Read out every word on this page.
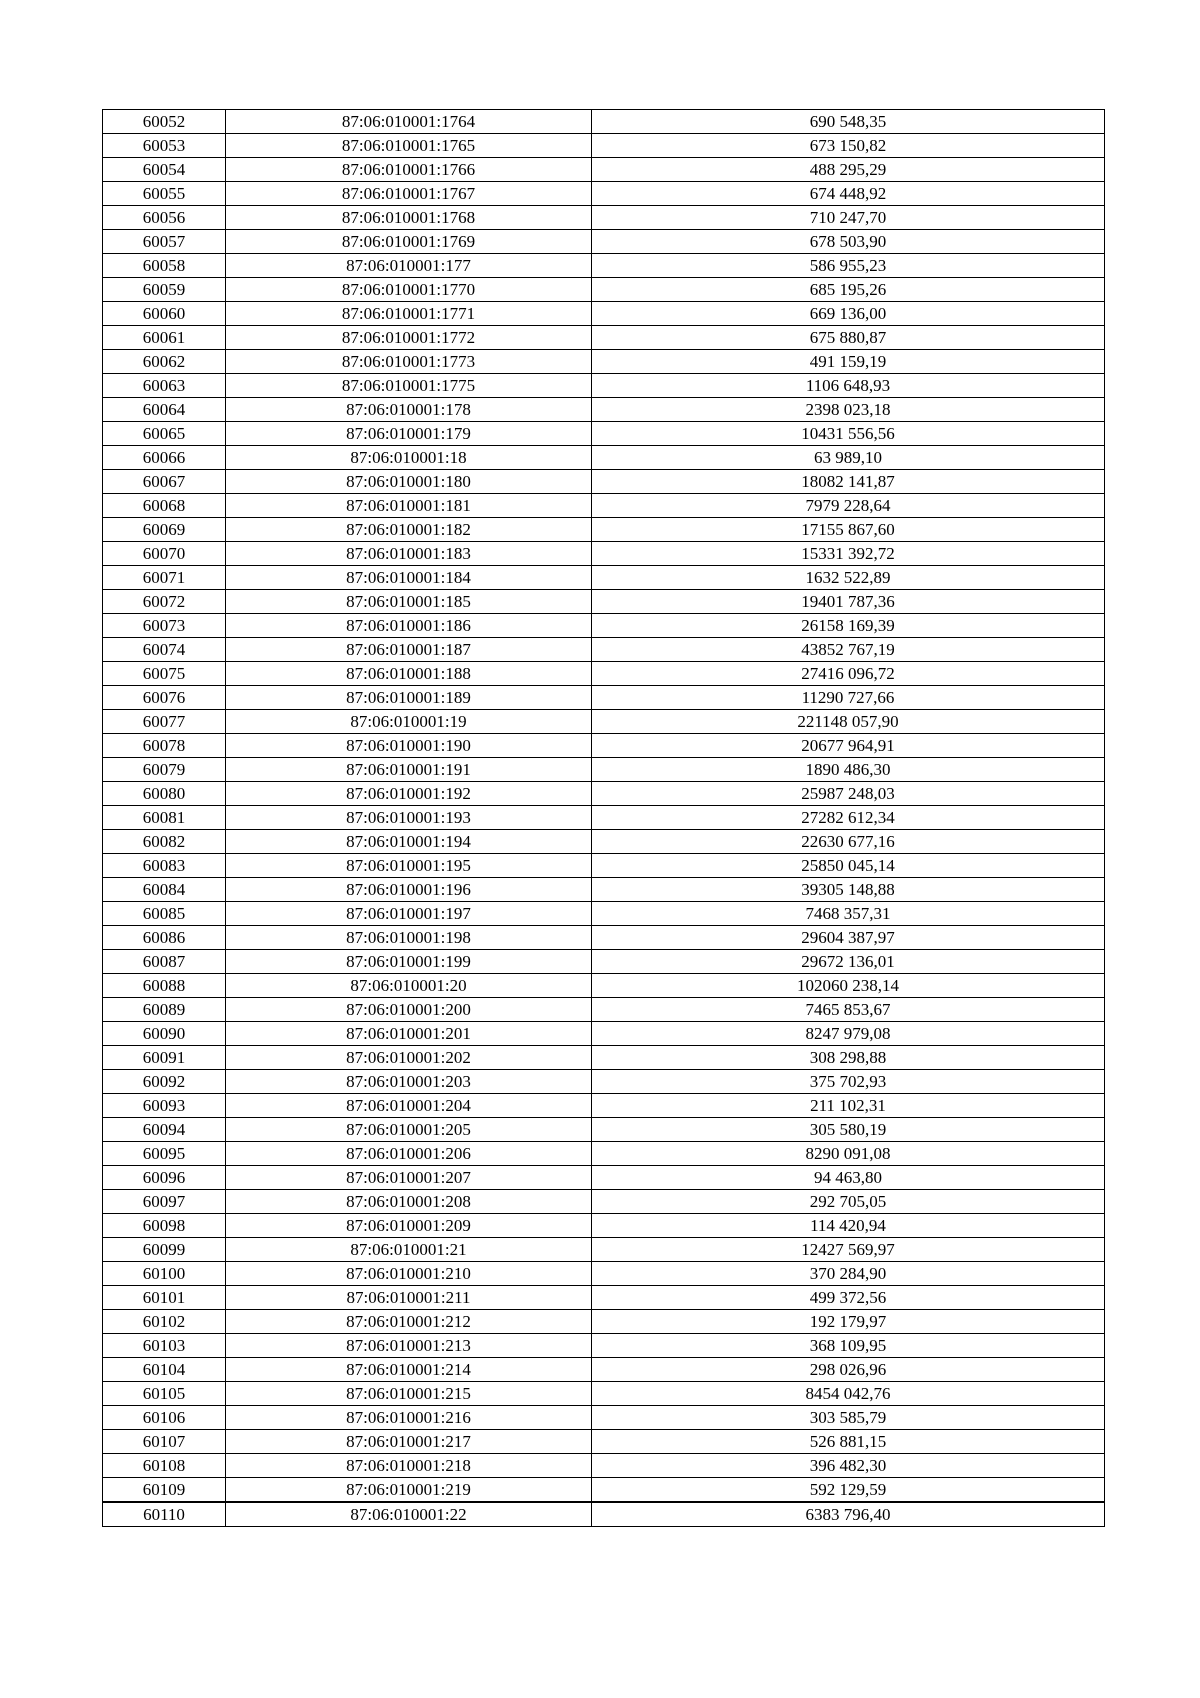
60052	87:06:010001:1764	690 548,35
60053	87:06:010001:1765	673 150,82
60054	87:06:010001:1766	488 295,29
60055	87:06:010001:1767	674 448,92
60056	87:06:010001:1768	710 247,70
60057	87:06:010001:1769	678 503,90
60058	87:06:010001:177	586 955,23
60059	87:06:010001:1770	685 195,26
60060	87:06:010001:1771	669 136,00
60061	87:06:010001:1772	675 880,87
60062	87:06:010001:1773	491 159,19
60063	87:06:010001:1775	1106 648,93
60064	87:06:010001:178	2398 023,18
60065	87:06:010001:179	10431 556,56
60066	87:06:010001:18	63 989,10
60067	87:06:010001:180	18082 141,87
60068	87:06:010001:181	7979 228,64
60069	87:06:010001:182	17155 867,60
60070	87:06:010001:183	15331 392,72
60071	87:06:010001:184	1632 522,89
60072	87:06:010001:185	19401 787,36
60073	87:06:010001:186	26158 169,39
60074	87:06:010001:187	43852 767,19
60075	87:06:010001:188	27416 096,72
60076	87:06:010001:189	11290 727,66
60077	87:06:010001:19	221148 057,90
60078	87:06:010001:190	20677 964,91
60079	87:06:010001:191	1890 486,30
60080	87:06:010001:192	25987 248,03
60081	87:06:010001:193	27282 612,34
60082	87:06:010001:194	22630 677,16
60083	87:06:010001:195	25850 045,14
60084	87:06:010001:196	39305 148,88
60085	87:06:010001:197	7468 357,31
60086	87:06:010001:198	29604 387,97
60087	87:06:010001:199	29672 136,01
60088	87:06:010001:20	102060 238,14
60089	87:06:010001:200	7465 853,67
60090	87:06:010001:201	8247 979,08
60091	87:06:010001:202	308 298,88
60092	87:06:010001:203	375 702,93
60093	87:06:010001:204	211 102,31
60094	87:06:010001:205	305 580,19
60095	87:06:010001:206	8290 091,08
60096	87:06:010001:207	94 463,80
60097	87:06:010001:208	292 705,05
60098	87:06:010001:209	114 420,94
60099	87:06:010001:21	12427 569,97
60100	87:06:010001:210	370 284,90
60101	87:06:010001:211	499 372,56
60102	87:06:010001:212	192 179,97
60103	87:06:010001:213	368 109,95
60104	87:06:010001:214	298 026,96
60105	87:06:010001:215	8454 042,76
60106	87:06:010001:216	303 585,79
60107	87:06:010001:217	526 881,15
60108	87:06:010001:218	396 482,30
60109	87:06:010001:219	592 129,59
60110	87:06:010001:22	6383 796,40
